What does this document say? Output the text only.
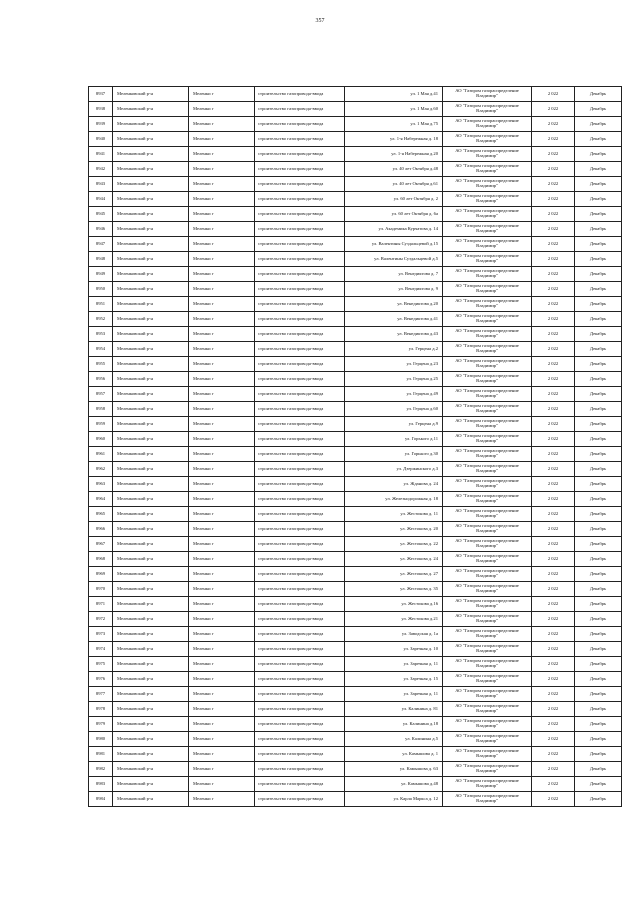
357
8937	Меленковский р-н	Меленки г	строительство газопровода-ввода	ул. 1 Мая д.41	АО "Газпром газораспределение
Владимир"	2 022	Декабрь
8938	Меленковский р-н	Меленки г	строительство газопровода-ввода	ул. 1 Мая д.60	АО "Газпром газораспределение
Владимир"	2 022	Декабрь
8939	Меленковский р-н	Меленки г	строительство газопровода-ввода	ул. 1 Мая д.75	АО "Газпром газораспределение
Владимир"	2 022	Декабрь
8940	Меленковский р-н	Меленки г	строительство газопровода-ввода	ул. 1-я Набережная д. 18	АО "Газпром газораспределение
Владимир"	2 022	Декабрь
8941	Меленковский р-н	Меленки г	строительство газопровода-ввода	ул. 1-я Набережная д.20	АО "Газпром газораспределение
Владимир"	2 022	Декабрь
8942	Меленковский р-н	Меленки г	строительство газопровода-ввода	ул. 40 лет Октября д.48	АО "Газпром газораспределение
Владимир"	2 022	Декабрь
8943	Меленковский р-н	Меленки г	строительство газопровода-ввода	ул. 40 лет Октября д.61	АО "Газпром газораспределение
Владимир"	2 022	Декабрь
8944	Меленковский р-н	Меленки г	строительство газопровода-ввода	ул. 60 лет Октября д. 2	АО "Газпром газораспределение
Владимир"	2 022	Декабрь
8945	Меленковский р-н	Меленки г	строительство газопровода-ввода	ул. 60 лет Октября д. 6а	АО "Газпром газораспределение
Владимир"	2 022	Декабрь
8946	Меленковский р-н	Меленки г	строительство газопровода-ввода	ул. Академика Курчатова д. 14	АО "Газпром газораспределение
Владимир"	2 022	Декабрь
8947	Меленковский р-н	Меленки г	строительство газопровода-ввода	ул. Валентины Суздальцевой д.15	АО "Газпром газораспределение
Владимир"	2 022	Декабрь
8948	Меленковский р-н	Меленки г	строительство газопровода-ввода	ул. Валентины Суздальцевой д.5	АО "Газпром газораспределение
Владимир"	2 022	Декабрь
8949	Меленковский р-н	Меленки г	строительство газопровода-ввода	ул. Венедиктова д. 7	АО "Газпром газораспределение
Владимир"	2 022	Декабрь
8950	Меленковский р-н	Меленки г	строительство газопровода-ввода	ул. Венедиктова д. 9	АО "Газпром газораспределение
Владимир"	2 022	Декабрь
8951	Меленковский р-н	Меленки г	строительство газопровода-ввода	ул. Венедиктова д.20	АО "Газпром газораспределение
Владимир"	2 022	Декабрь
8952	Меленковский р-н	Меленки г	строительство газопровода-ввода	ул. Венедиктова д.41	АО "Газпром газораспределение
Владимир"	2 022	Декабрь
8953	Меленковский р-н	Меленки г	строительство газопровода-ввода	ул. Венедиктова д.43	АО "Газпром газораспределение
Владимир"	2 022	Декабрь
8954	Меленковский р-н	Меленки г	строительство газопровода-ввода	ул. Герцена д.2	АО "Газпром газораспределение
Владимир"	2 022	Декабрь
8955	Меленковский р-н	Меленки г	строительство газопровода-ввода	ул. Герцена д.23	АО "Газпром газораспределение
Владимир"	2 022	Декабрь
8956	Меленковский р-н	Меленки г	строительство газопровода-ввода	ул. Герцена д.25	АО "Газпром газораспределение
Владимир"	2 022	Декабрь
8957	Меленковский р-н	Меленки г	строительство газопровода-ввода	ул. Герцена д.49	АО "Газпром газораспределение
Владимир"	2 022	Декабрь
8958	Меленковский р-н	Меленки г	строительство газопровода-ввода	ул. Герцена д.60	АО "Газпром газораспределение
Владимир"	2 022	Декабрь
8959	Меленковский р-н	Меленки г	строительство газопровода-ввода	ул. Герцена д.9	АО "Газпром газораспределение
Владимир"	2 022	Декабрь
8960	Меленковский р-н	Меленки г	строительство газопровода-ввода	ул. Горького д.11	АО "Газпром газораспределение
Владимир"	2 022	Декабрь
8961	Меленковский р-н	Меленки г	строительство газопровода-ввода	ул. Горького д.30	АО "Газпром газораспределение
Владимир"	2 022	Декабрь
8962	Меленковский р-н	Меленки г	строительство газопровода-ввода	ул. Дзержинского д.3	АО "Газпром газораспределение
Владимир"	2 022	Декабрь
8963	Меленковский р-н	Меленки г	строительство газопровода-ввода	ул. Жданова д. 24	АО "Газпром газораспределение
Владимир"	2 022	Декабрь
8964	Меленковский р-н	Меленки г	строительство газопровода-ввода	ул. Железнодорожная д. 18	АО "Газпром газораспределение
Владимир"	2 022	Декабрь
8965	Меленковский р-н	Меленки г	строительство газопровода-ввода	ул. Жестокова д. 11	АО "Газпром газораспределение
Владимир"	2 022	Декабрь
8966	Меленковский р-н	Меленки г	строительство газопровода-ввода	ул. Жестокова д. 20	АО "Газпром газораспределение
Владимир"	2 022	Декабрь
8967	Меленковский р-н	Меленки г	строительство газопровода-ввода	ул. Жестокова д. 22	АО "Газпром газораспределение
Владимир"	2 022	Декабрь
8968	Меленковский р-н	Меленки г	строительство газопровода-ввода	ул. Жестокова д. 24	АО "Газпром газораспределение
Владимир"	2 022	Декабрь
8969	Меленковский р-н	Меленки г	строительство газопровода-ввода	ул. Жестокова д. 27	АО "Газпром газораспределение
Владимир"	2 022	Декабрь
8970	Меленковский р-н	Меленки г	строительство газопровода-ввода	ул. Жестокова д. 35	АО "Газпром газораспределение
Владимир"	2 022	Декабрь
8971	Меленковский р-н	Меленки г	строительство газопровода-ввода	ул. Жестокова д.16	АО "Газпром газораспределение
Владимир"	2 022	Декабрь
8972	Меленковский р-н	Меленки г	строительство газопровода-ввода	ул. Жестокова д.21	АО "Газпром газораспределение
Владимир"	2 022	Декабрь
8973	Меленковский р-н	Меленки г	строительство газопровода-ввода	ул. Заводская д. 1а	АО "Газпром газораспределение
Владимир"	2 022	Декабрь
8974	Меленковский р-н	Меленки г	строительство газопровода-ввода	ул. Заречная д. 10	АО "Газпром газораспределение
Владимир"	2 022	Декабрь
8975	Меленковский р-н	Меленки г	строительство газопровода-ввода	ул. Заречная д. 11	АО "Газпром газораспределение
Владимир"	2 022	Декабрь
8976	Меленковский р-н	Меленки г	строительство газопровода-ввода	ул. Заречная д. 15	АО "Газпром газораспределение
Владимир"	2 022	Декабрь
8977	Меленковский р-н	Меленки г	строительство газопровода-ввода	ул. Заречная д. 11	АО "Газпром газораспределение
Владимир"	2 022	Декабрь
8978	Меленковский р-н	Меленки г	строительство газопровода-ввода	ул. Калинина д. 81	АО "Газпром газораспределение
Владимир"	2 022	Декабрь
8979	Меленковский р-н	Меленки г	строительство газопровода-ввода	ул. Калинина д.18	АО "Газпром газораспределение
Владимир"	2 022	Декабрь
8980	Меленковский р-н	Меленки г	строительство газопровода-ввода	ул. Калинина д.5	АО "Газпром газораспределение
Владимир"	2 022	Декабрь
8981	Меленковский р-н	Меленки г	строительство газопровода-ввода	ул. Камышова д. 1	АО "Газпром газораспределение
Владимир"	2 022	Декабрь
8982	Меленковский р-н	Меленки г	строительство газопровода-ввода	ул. Камышова д. 63	АО "Газпром газораспределение
Владимир"	2 022	Декабрь
8983	Меленковский р-н	Меленки г	строительство газопровода-ввода	ул. Камышова д.48	АО "Газпром газораспределение
Владимир"	2 022	Декабрь
8984	Меленковский р-н	Меленки г	строительство газопровода-ввода	ул. Карла Маркса д. 12	АО "Газпром газораспределение
Владимир"	2 022	Декабрь
